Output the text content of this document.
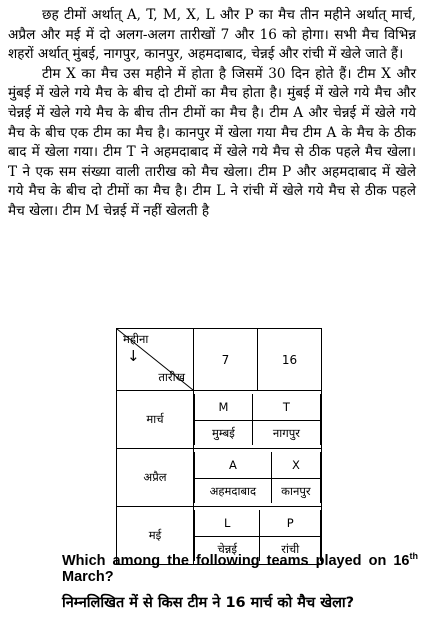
छह टीमों अर्थात् A, T, M, X, L और P का मैच तीन महीने अर्थात् मार्च, अप्रैल और मई में दो अलग-अलग तारीखों 7 और 16 को होगा। सभी मैच विभिन्न शहरों अर्थात् मुंबई, नागपुर, कानपुर, अहमदाबाद, चेन्नई और रांची में खेले जाते हैं।

टीम X का मैच उस महीने में होता है जिसमें 30 दिन होते हैं। टीम X और मुंबई में खेले गये मैच के बीच दो टीमों का मैच होता है। मुंबई में खेले गये मैच और चेन्नई में खेले गये मैच के बीच तीन टीमों का मैच है। टीम A और चेन्नई में खेले गये मैच के बीच एक टीम का मैच है। कानपुर में खेला गया मैच टीम A के मैच के ठीक बाद में खेला गया। टीम T ने अहमदाबाद में खेले गये मैच से ठीक पहले मैच खेला। T ने एक सम संख्या वाली तारीख को मैच खेला। टीम P और अहमदाबाद में खेले गये मैच के बीच दो टीमों का मैच है। टीम L ने रांची में खेले गये मैच से ठीक पहले मैच खेला। टीम M चेन्नई में नहीं खेलती है

महीना
↓
तारीख
	7	16
मार्च	
M	T
मुम्बई	नागपुर

अप्रैल	
A	X
अहमदाबाद	कानपुर

मई	
L	P
चेन्नई	रांची
Which among the following teams played on 16th March?
निम्नलिखित में से किस टीम ने 16 मार्च को मैच खेला?
